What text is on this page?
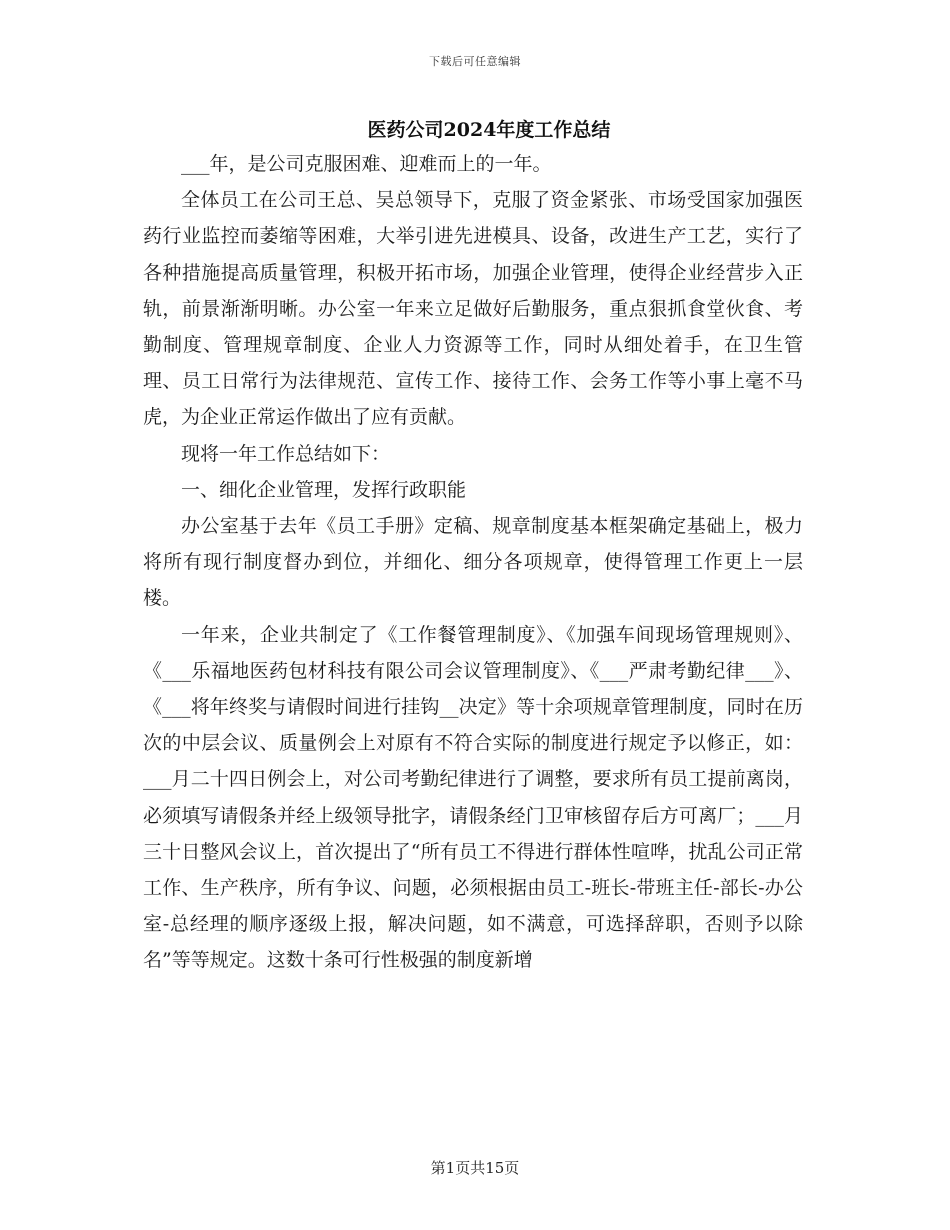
下载后可任意编辑
医药公司2024年度工作总结

___年，是公司克服困难、迎难而上的一年。

全体员工在公司王总、吴总领导下，克服了资金紧张、市场受国家加强医药行业监控而萎缩等困难，大举引进先进模具、设备，改进生产工艺，实行了各种措施提高质量管理，积极开拓市场，加强企业管理，使得企业经营步入正轨，前景渐渐明晰。办公室一年来立足做好后勤服务，重点狠抓食堂伙食、考勤制度、管理规章制度、企业人力资源等工作，同时从细处着手，在卫生管理、员工日常行为法律规范、宣传工作、接待工作、会务工作等小事上毫不马虎，为企业正常运作做出了应有贡献。

现将一年工作总结如下：

一、细化企业管理，发挥行政职能

办公室基于去年《员工手册》定稿、规章制度基本框架确定基础上，极力将所有现行制度督办到位，并细化、细分各项规章，使得管理工作更上一层楼。

一年来，企业共制定了《工作餐管理制度》、《加强车间现场管理规则》、《___乐福地医药包材科技有限公司会议管理制度》、《___严肃考勤纪律___》、《___将年终奖与请假时间进行挂钩__决定》等十余项规章管理制度，同时在历次的中层会议、质量例会上对原有不符合实际的制度进行规定予以修正，如：___月二十四日例会上，对公司考勤纪律进行了调整，要求所有员工提前离岗，必须填写请假条并经上级领导批字，请假条经门卫审核留存后方可离厂；___月三十日整风会议上，首次提出了“所有员工不得进行群体性喧哗，扰乱公司正常工作、生产秩序，所有争议、问题，必须根据由员工-班长-带班主任-部长-办公室-总经理的顺序逐级上报，解决问题，如不满意，可选择辞职，否则予以除名”等等规定。这数十条可行性极强的制度新增

第1页共15页
